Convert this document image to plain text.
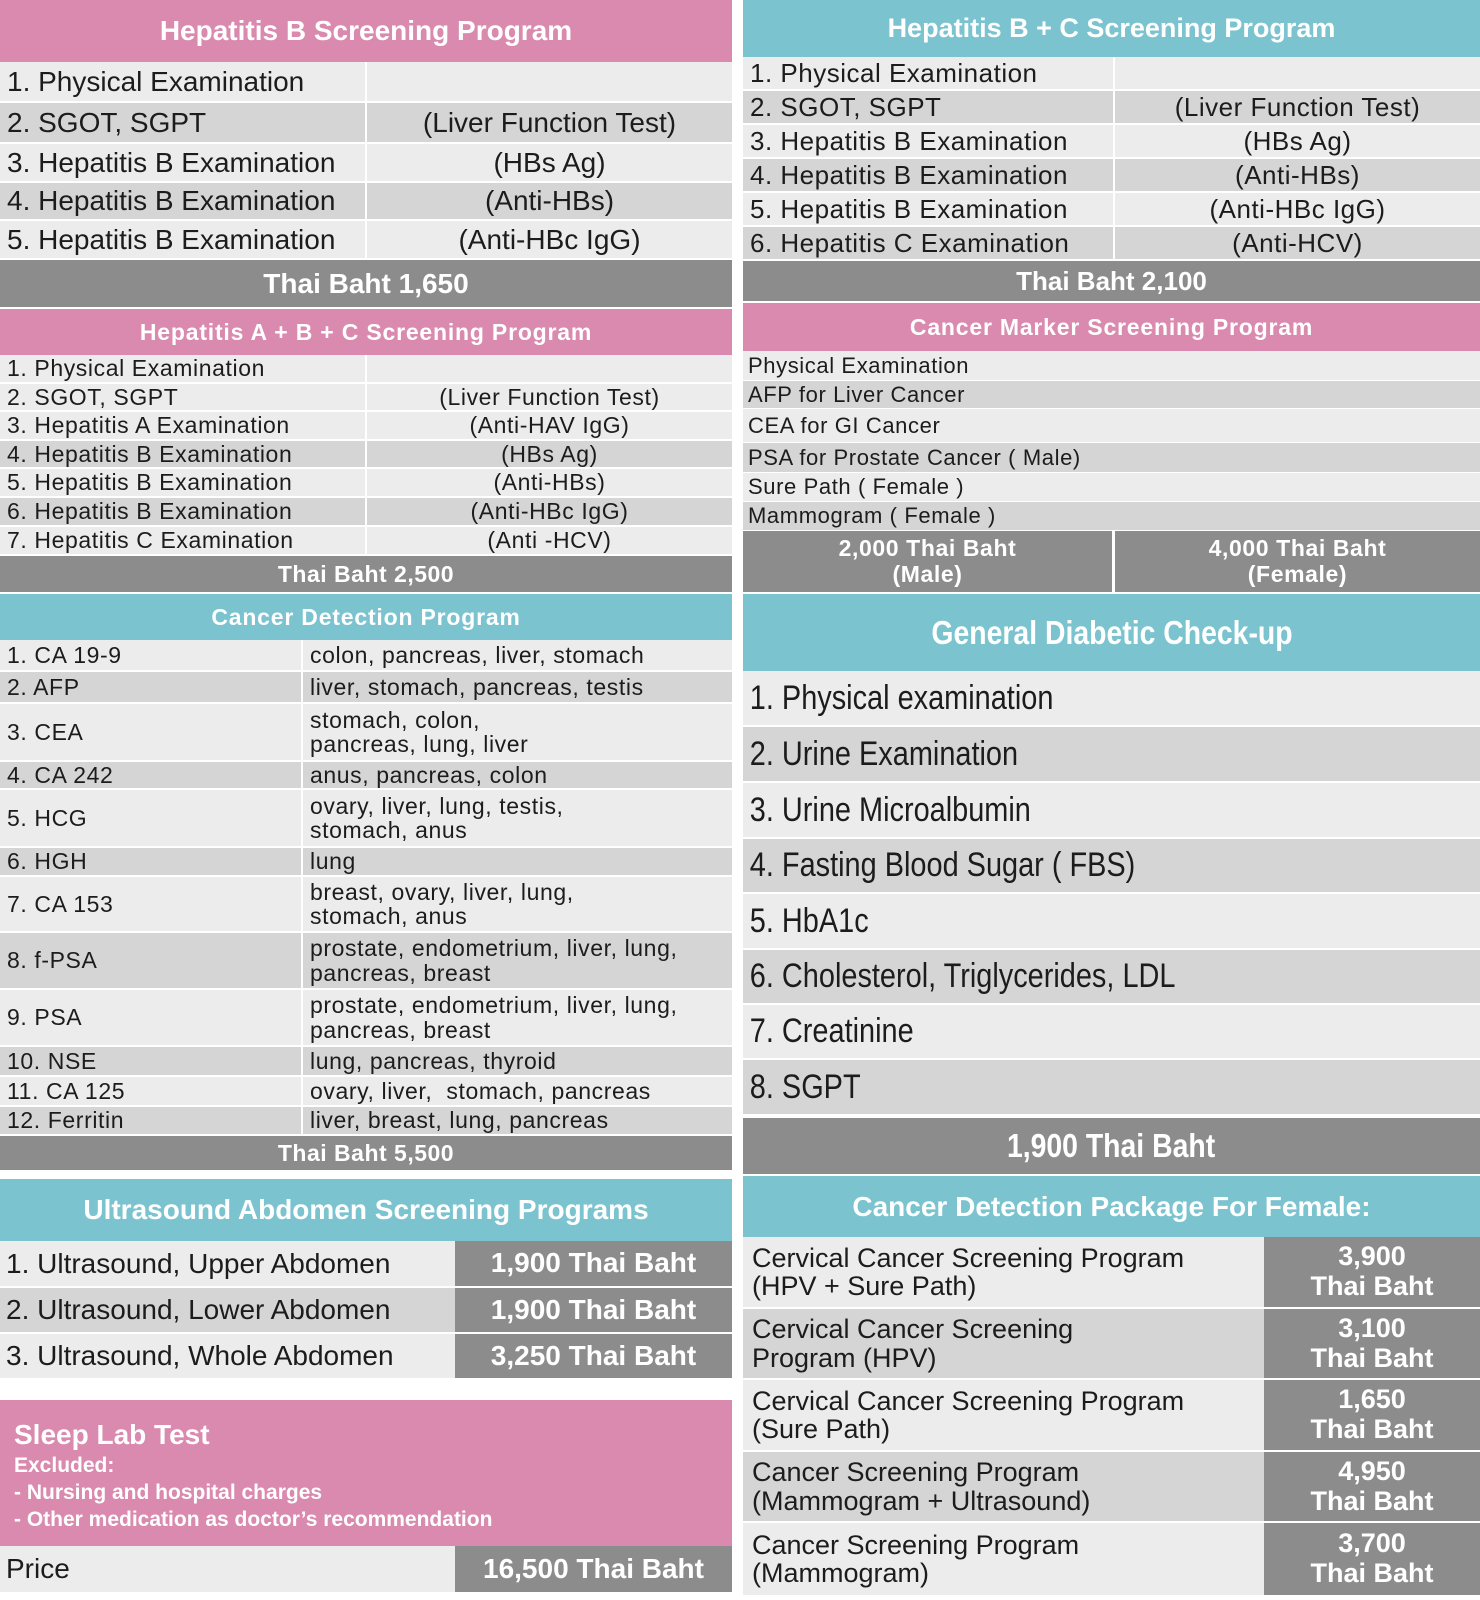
Hepatitis B Screening Program
1. Physical Examination
2. SGOT, SGPT	(Liver Function Test)
3. Hepatitis B Examination	(HBs Ag)
4. Hepatitis B Examination	(Anti-HBs)
5. Hepatitis B Examination	(Anti-HBc IgG)
Thai Baht 1,650
Hepatitis A + B + C Screening Program
1. Physical Examination
2. SGOT, SGPT	(Liver Function Test)
3. Hepatitis A Examination	(Anti-HAV IgG)
4. Hepatitis B Examination	(HBs Ag)
5. Hepatitis B Examination	(Anti-HBs)
6. Hepatitis B Examination	(Anti-HBc IgG)
7. Hepatitis C Examination	(Anti -HCV)
Thai Baht 2,500
Cancer Detection Program
1. CA 19-9	colon, pancreas, liver, stomach
2. AFP	liver, stomach, pancreas, testis
3. CEA	stomach, colon, pancreas, lung, liver
4. CA 242	anus, pancreas, colon
5. HCG	ovary, liver, lung, testis, stomach, anus
6. HGH	lung
7. CA 153	breast, ovary, liver, lung, stomach, anus
8. f-PSA	prostate, endometrium, liver, lung, pancreas, breast
9. PSA	prostate, endometrium, liver, lung, pancreas, breast
10. NSE	lung, pancreas, thyroid
11. CA 125	ovary, liver,  stomach, pancreas
12. Ferritin	liver, breast, lung, pancreas
Thai Baht 5,500
Ultrasound Abdomen Screening Programs
1. Ultrasound, Upper Abdomen	1,900 Thai Baht
2. Ultrasound, Lower Abdomen	1,900 Thai Baht
3. Ultrasound, Whole Abdomen	3,250 Thai Baht
Sleep Lab Test
Excluded:
- Nursing and hospital charges
- Other medication as doctor’s recommendation
Price	16,500 Thai Baht
Hepatitis B + C Screening Program
1. Physical Examination
2. SGOT, SGPT	(Liver Function Test)
3. Hepatitis B Examination	(HBs Ag)
4. Hepatitis B Examination	(Anti-HBs)
5. Hepatitis B Examination	(Anti-HBc IgG)
6. Hepatitis C Examination	(Anti-HCV)
Thai Baht 2,100
Cancer Marker Screening Program
Physical Examination
AFP for Liver Cancer
CEA for GI Cancer
PSA for Prostate Cancer ( Male)
Sure Path ( Female )
Mammogram ( Female )
2,000 Thai Baht
(Male)
4,000 Thai Baht
(Female)
General Diabetic Check-up
1. Physical examination
2. Urine Examination
3. Urine Microalbumin
4. Fasting Blood Sugar ( FBS)
5. HbA1c
6. Cholesterol, Triglycerides, LDL
7. Creatinine
8. SGPT
1,900 Thai Baht
Cancer Detection Package For Female:
Cervical Cancer Screening Program (HPV + Sure Path)
3,900
Thai Baht
Cervical Cancer Screening Program (HPV)
3,100
Thai Baht
Cervical Cancer Screening Program (Sure Path)
1,650
Thai Baht
Cancer Screening Program (Mammogram + Ultrasound)
4,950
Thai Baht
Cancer Screening Program (Mammogram)
3,700
Thai Baht
